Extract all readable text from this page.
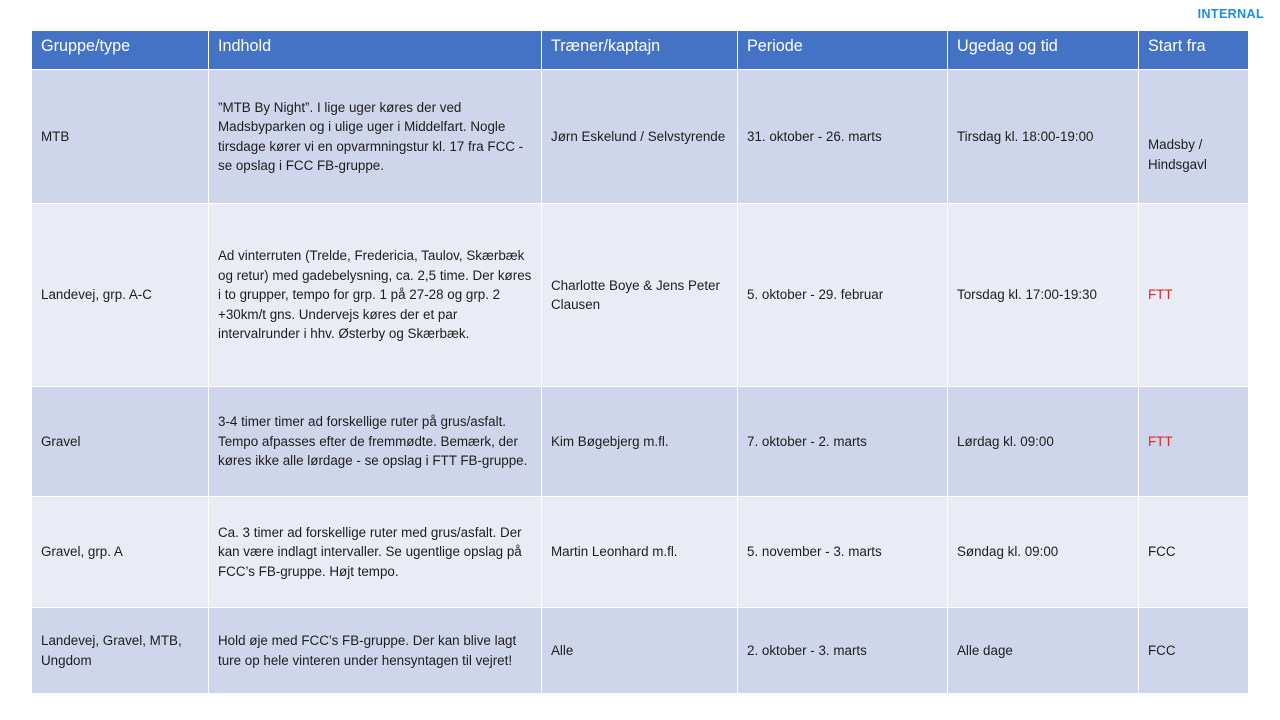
INTERNAL
Gruppe/type	Indhold	Træner/kaptajn	Periode	Ugedag og tid	Start fra
MTB	”MTB By Night”. I lige uger køres der ved Madsbyparken og i ulige uger i Middelfart. Nogle tirsdage kører vi en opvarmningstur kl. 17 fra FCC - se opslag i FCC FB-gruppe.	Jørn Eskelund / Selvstyrende	31. oktober - 26. marts	Tirsdag kl. 18:00-19:00	Madsby / Hindsgavl
Landevej, grp. A-C	Ad vinterruten (Trelde, Fredericia, Taulov, Skærbæk og retur) med gadebelysning, ca. 2,5 time. Der køres i to grupper, tempo for grp. 1 på 27-28 og grp. 2 +30km/t gns. Undervejs køres der et par intervalrunder i hhv. Østerby og Skærbæk.	Charlotte Boye & Jens Peter Clausen	5. oktober - 29. februar	Torsdag kl. 17:00-19:30	FTT
Gravel	3-4 timer timer ad forskellige ruter på grus/asfalt. Tempo afpasses efter de fremmødte. Bemærk, der køres ikke alle lørdage - se opslag i FTT FB-gruppe.	Kim Bøgebjerg m.fl.	7. oktober - 2. marts	Lørdag kl. 09:00	FTT
Gravel, grp. A	Ca. 3 timer ad forskellige ruter med grus/asfalt. Der kan være indlagt intervaller. Se ugentlige opslag på FCC’s FB-gruppe. Højt tempo.	Martin Leonhard m.fl.	5. november - 3. marts	Søndag kl. 09:00	FCC
Landevej, Gravel, MTB, Ungdom	Hold øje med FCC’s FB-gruppe. Der kan blive lagt ture op hele vinteren under hensyntagen til vejret!	Alle	2. oktober - 3. marts	Alle dage	FCC
